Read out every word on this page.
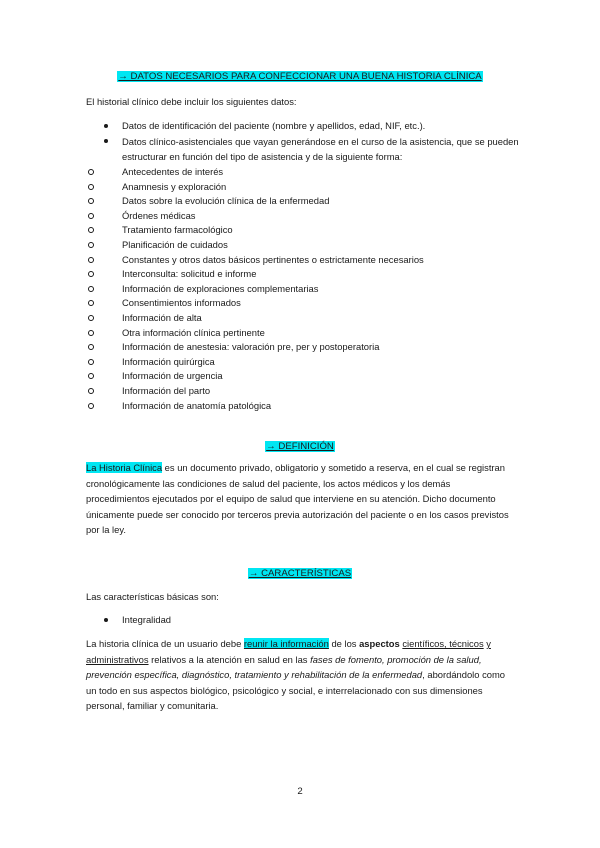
→ DATOS NECESARIOS PARA CONFECCIONAR UNA BUENA HISTORIA CLÍNICA

El historial clínico debe incluir los siguientes datos:

Datos de identificación del paciente (nombre y apellidos, edad, NIF, etc.).
Datos clínico-asistenciales que vayan generándose en el curso de la asistencia, que se pueden estructurar en función del tipo de asistencia y de la siguiente forma:
Antecedentes de interés
Anamnesis y exploración
Datos sobre la evolución clínica de la enfermedad
Órdenes médicas
Tratamiento farmacológico
Planificación de cuidados
Constantes y otros datos básicos pertinentes o estrictamente necesarios
Interconsulta: solicitud e informe
Información de exploraciones complementarias
Consentimientos informados
Información de alta
Otra información clínica pertinente
Información de anestesia: valoración pre, per y postoperatoria
Información quirúrgica
Información de urgencia
Información del parto
Información de anatomía patológica
→ DEFINICIÓN

La Historia Clínica es un documento privado, obligatorio y sometido a reserva, en el cual se registran cronológicamente las condiciones de salud del paciente, los actos médicos y los demás procedimientos ejecutados por el equipo de salud que interviene en su atención. Dicho documento únicamente puede ser conocido por terceros previa autorización del paciente o en los casos previstos por la ley.

→ CARACTERÍSTICAS

Las características básicas son:

Integralidad

La historia clínica de un usuario debe reunir la información de los aspectos científicos, técnicos y administrativos relativos a la atención en salud en las fases de fomento, promoción de la salud, prevención específica, diagnóstico, tratamiento y rehabilitación de la enfermedad, abordándolo como un todo en sus aspectos biológico, psicológico y social, e interrelacionado con sus dimensiones personal, familiar y comunitaria.

2
